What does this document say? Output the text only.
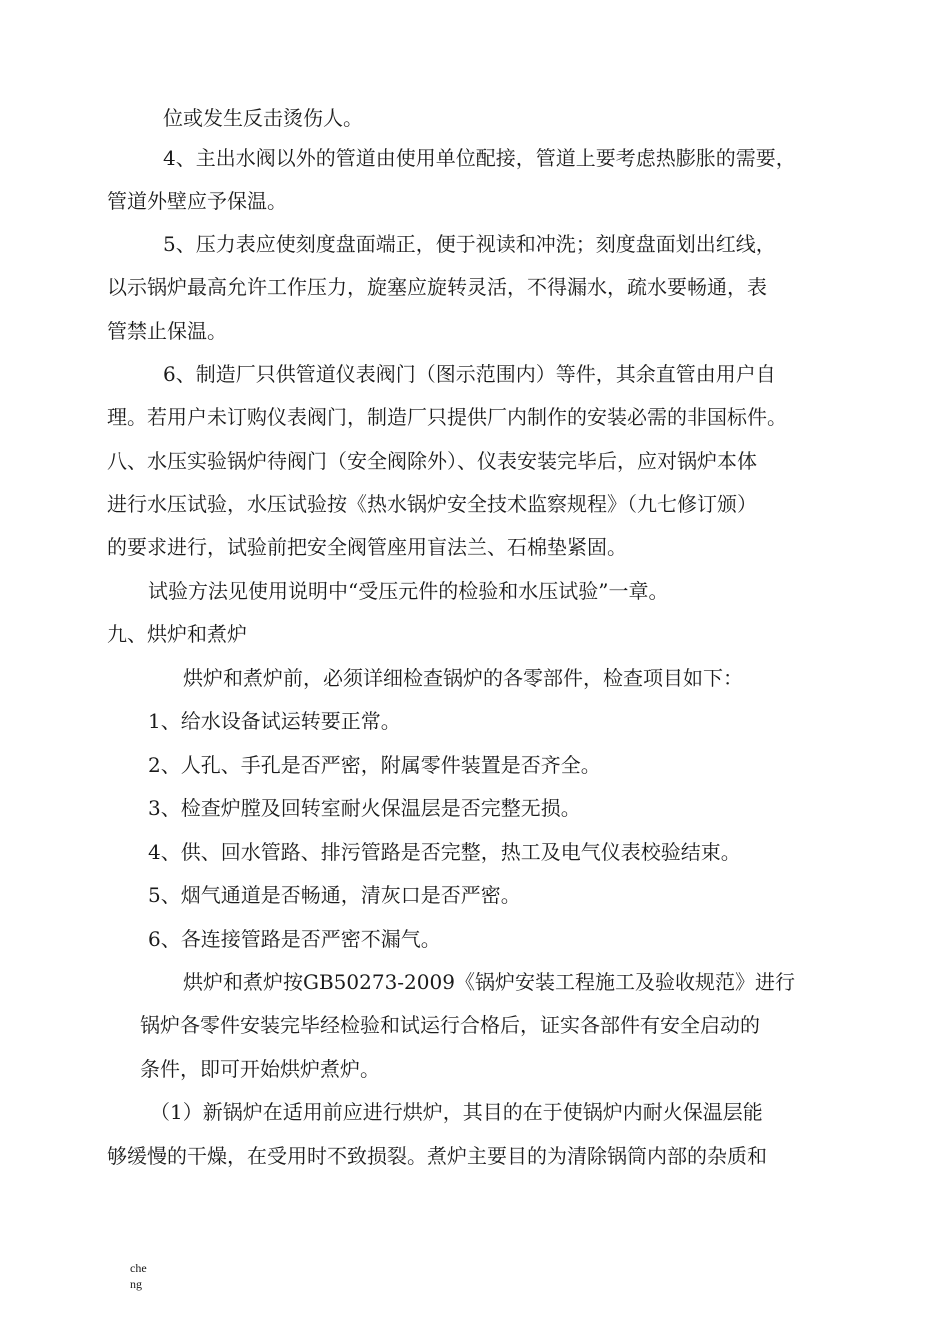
位或发生反击烫伤人。
4、主出水阀以外的管道由使用单位配接，管道上要考虑热膨胀的需要，
管道外壁应予保温。
5、压力表应使刻度盘面端正，便于视读和冲洗；刻度盘面划出红线，
以示锅炉最高允许工作压力，旋塞应旋转灵活，不得漏水，疏水要畅通，表
管禁止保温。
6、制造厂只供管道仪表阀门（图示范围内）等件，其余直管由用户自
理。若用户未订购仪表阀门，制造厂只提供厂内制作的安装必需的非国标件。
八、水压实验锅炉待阀门（安全阀除外）、仪表安装完毕后，应对锅炉本体
进行水压试验，水压试验按《热水锅炉安全技术监察规程》（九七修订颁）
的要求进行，试验前把安全阀管座用盲法兰、石棉垫紧固。
试验方法见使用说明中“受压元件的检验和水压试验”一章。
九、烘炉和煮炉
烘炉和煮炉前，必须详细检查锅炉的各零部件，检查项目如下：
1、给水设备试运转要正常。
2、人孔、手孔是否严密，附属零件装置是否齐全。
3、检查炉膛及回转室耐火保温层是否完整无损。
4、供、回水管路、排污管路是否完整，热工及电气仪表校验结束。
5、烟气通道是否畅通，清灰口是否严密。
6、各连接管路是否严密不漏气。
烘炉和煮炉按GB50273-2009《锅炉安装工程施工及验收规范》进行
锅炉各零件安装完毕经检验和试运行合格后，证实各部件有安全启动的
条件，即可开始烘炉煮炉。
（1）新锅炉在适用前应进行烘炉，其目的在于使锅炉内耐火保温层能
够缓慢的干燥，在受用时不致损裂。煮炉主要目的为清除锅筒内部的杂质和
cheng
